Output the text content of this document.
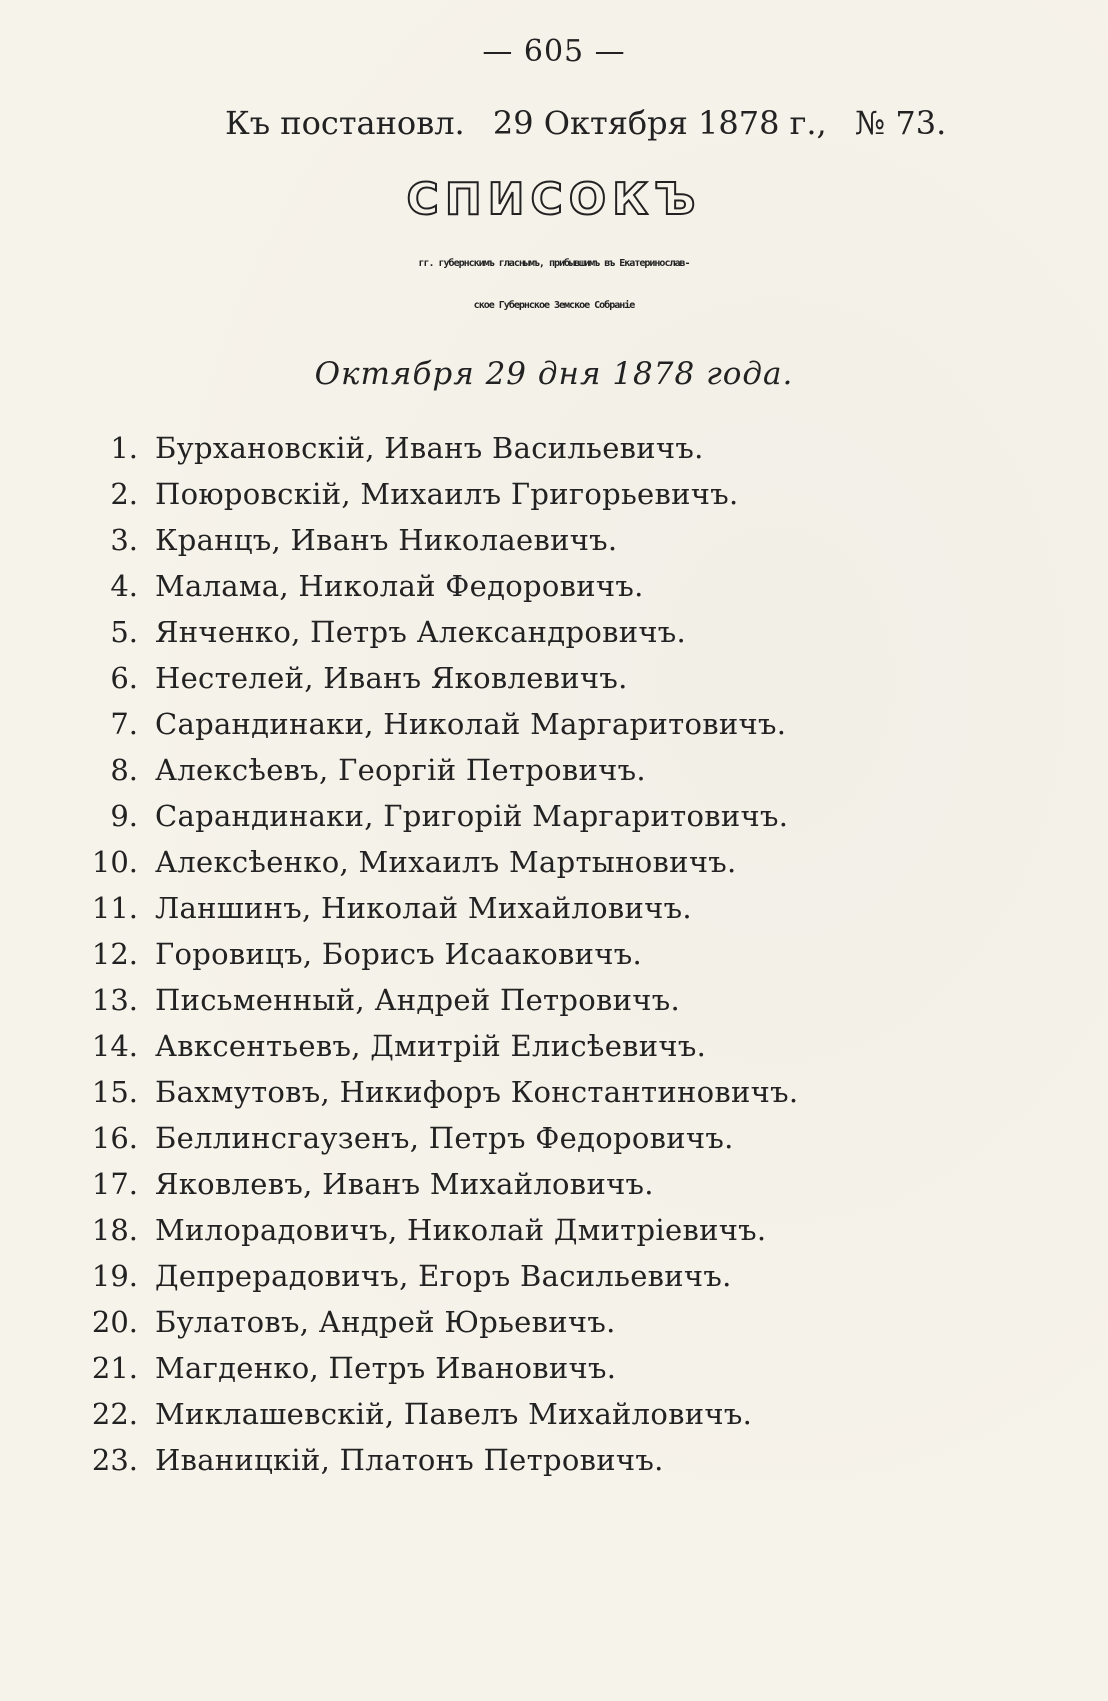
— 605 —
Къ постановл. 29 Октября 1878 г., № 73.
СПИСОКЪ
гг. губернскимъ гласнымъ, прибывшимъ въ Екатеринослав-
ское Губернское Земское Собраніе
Октября 29 дня 1878 года.
1. Бурхановскій, Иванъ Васильевичъ.
2. Поюровскій, Михаилъ Григорьевичъ.
3. Кранцъ, Иванъ Николаевичъ.
4. Малама, Николай Федоровичъ.
5. Янченко, Петръ Александровичъ.
6. Нестелей, Иванъ Яковлевичъ.
7. Сарандинаки, Николай Маргаритовичъ.
8. Алексѣевъ, Георгій Петровичъ.
9. Сарандинаки, Григорій Маргаритовичъ.
10. Алексѣенко, Михаилъ Мартыновичъ.
11. Ланшинъ, Николай Михайловичъ.
12. Горовицъ, Борисъ Исааковичъ.
13. Письменный, Андрей Петровичъ.
14. Авксентьевъ, Дмитрій Елисѣевичъ.
15. Бахмутовъ, Никифоръ Константиновичъ.
16. Беллинсгаузенъ, Петръ Федоровичъ.
17. Яковлевъ, Иванъ Михайловичъ.
18. Милорадовичъ, Николай Дмитріевичъ.
19. Депрерадовичъ, Егоръ Васильевичъ.
20. Булатовъ, Андрей Юрьевичъ.
21. Магденко, Петръ Ивановичъ.
22. Миклашевскій, Павелъ Михайловичъ.
23. Иваницкій, Платонъ Петровичъ.
